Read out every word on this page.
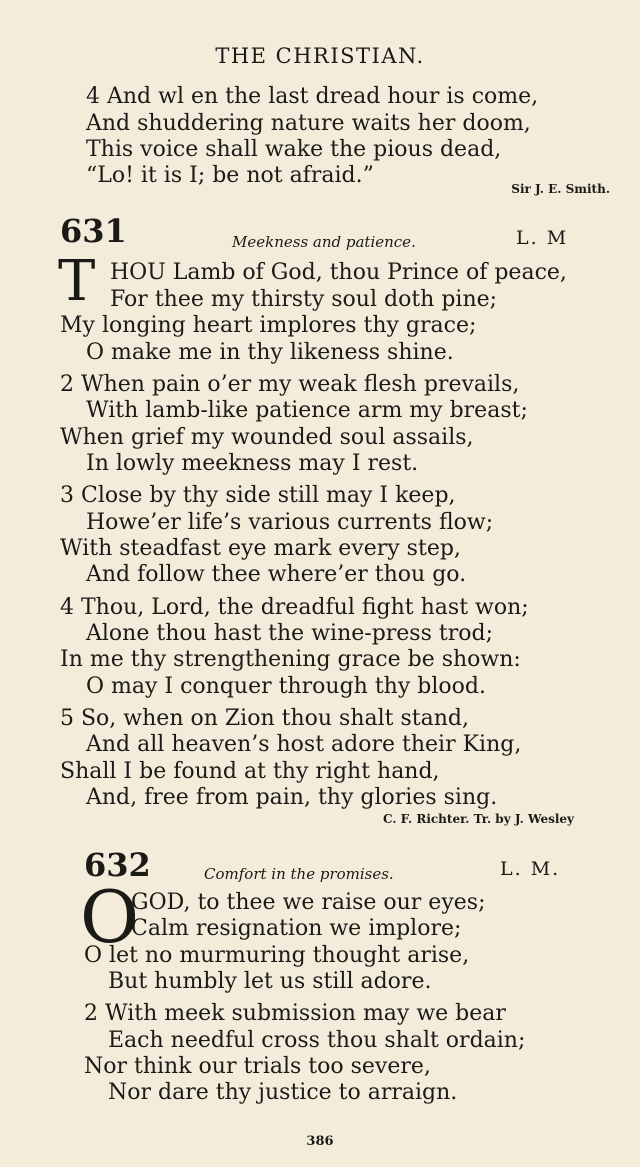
THE CHRISTIAN.
4 And wl en the last dread hour is come,
And shuddering nature waits her doom,
This voice shall wake the pious dead,
“Lo! it is I; be not afraid.”
Sir J. E. Smith.
631	Meekness and patience.	L. M
T HOU Lamb of God, thou Prince of peace,
For thee my thirsty soul doth pine;
My longing heart implores thy grace;
O make me in thy likeness shine.
2 When pain o’er my weak flesh prevails,
With lamb-like patience arm my breast;
When grief my wounded soul assails,
In lowly meekness may I rest.
3 Close by thy side still may I keep,
Howe’er life’s various currents flow;
With steadfast eye mark every step,
And follow thee where’er thou go.
4 Thou, Lord, the dreadful fight hast won;
Alone thou hast the wine-press trod;
In me thy strengthening grace be shown:
O may I conquer through thy blood.
5 So, when on Zion thou shalt stand,
And all heaven’s host adore their King,
Shall I be found at thy right hand,
And, free from pain, thy glories sing.
C. F. Richter. Tr. by J. Wesley
632	Comfort in the promises.	L. M.
O
GOD, to thee we raise our eyes;
Calm resignation we implore;
O let no murmuring thought arise,
But humbly let us still adore.
2 With meek submission may we bear
Each needful cross thou shalt ordain;
Nor think our trials too severe,
Nor dare thy justice to arraign.
386
